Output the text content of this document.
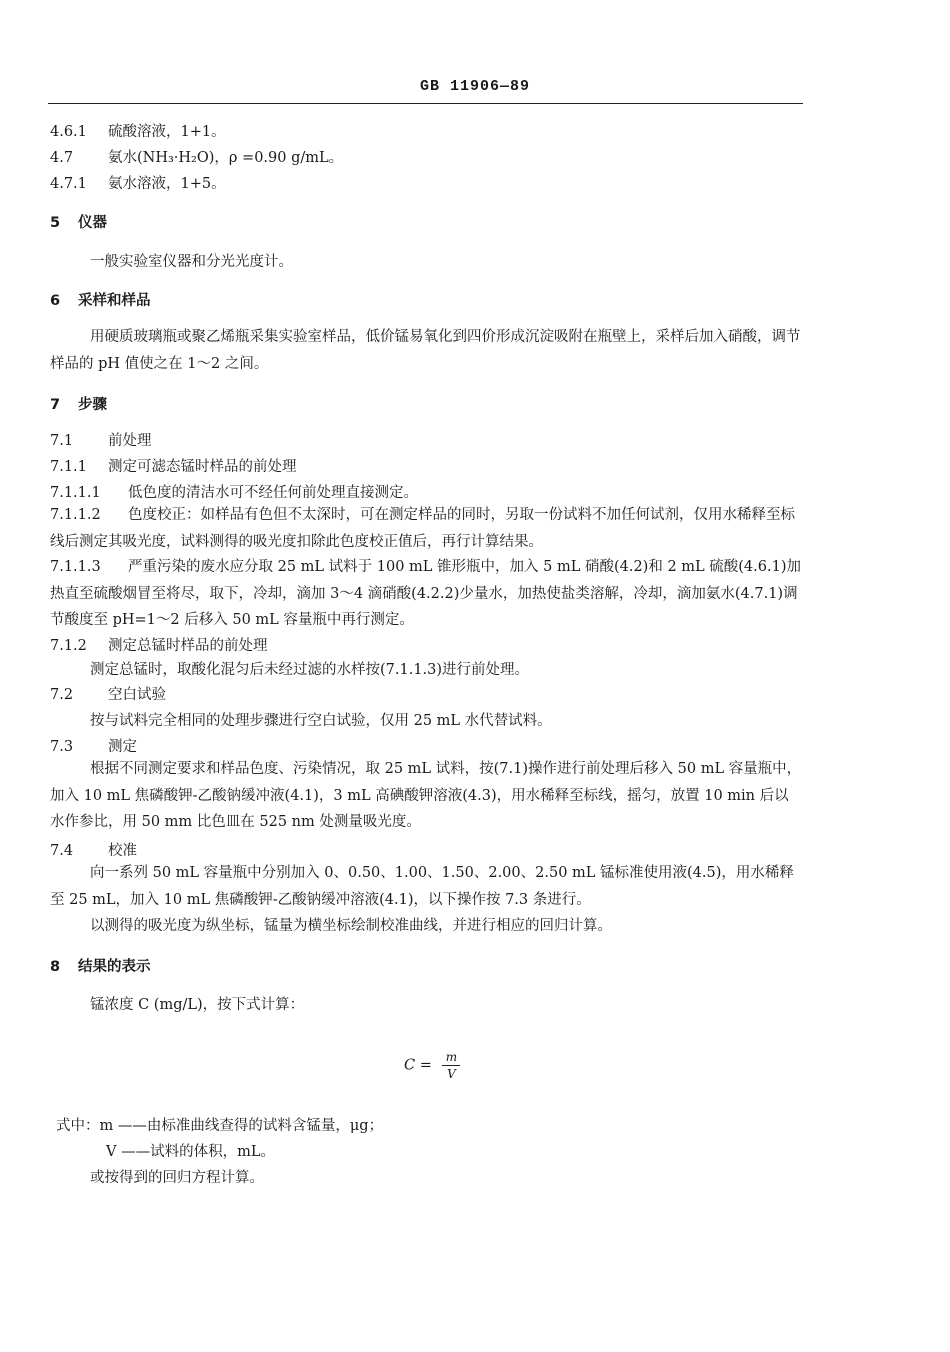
GB 11906—89
4.6.1 硫酸溶液，1+1。
4.7 氨水(NH₃·H₂O)，ρ =0.90 g/mL。
4.7.1 氨水溶液，1+5。
5 仪器
一般实验室仪器和分光光度计。
6 采样和样品
用硬质玻璃瓶或聚乙烯瓶采集实验室样品，低价锰易氧化到四价形成沉淀吸附在瓶壁上，采样后加入硝酸，调节样品的 pH 值使之在 1～2 之间。
7 步骤
7.1 前处理
7.1.1 测定可滤态锰时样品的前处理
7.1.1.1 低色度的清洁水可不经任何前处理直接测定。
7.1.1.2 色度校正：如样品有色但不太深时，可在测定样品的同时，另取一份试料不加任何试剂，仅用水稀释至标线后测定其吸光度，试料测得的吸光度扣除此色度校正值后，再行计算结果。
7.1.1.3 严重污染的废水应分取 25 mL 试料于 100 mL 锥形瓶中，加入 5 mL 硝酸(4.2)和 2 mL 硫酸(4.6.1)加热直至硫酸烟冒至将尽，取下，冷却，滴加 3～4 滴硝酸(4.2.2)少量水，加热使盐类溶解，冷却，滴加氨水(4.7.1)调节酸度至 pH=1～2 后移入 50 mL 容量瓶中再行测定。
7.1.2 测定总锰时样品的前处理
测定总锰时，取酸化混匀后未经过滤的水样按(7.1.1.3)进行前处理。
7.2 空白试验
按与试料完全相同的处理步骤进行空白试验，仅用 25 mL 水代替试料。
7.3 测定
根据不同测定要求和样品色度、污染情况，取 25 mL 试料，按(7.1)操作进行前处理后移入 50 mL 容量瓶中，加入 10 mL 焦磷酸钾-乙酸钠缓冲液(4.1)，3 mL 高碘酸钾溶液(4.3)，用水稀释至标线，摇匀，放置 10 min 后以水作参比，用 50 mm 比色皿在 525 nm 处测量吸光度。
7.4 校准
向一系列 50 mL 容量瓶中分别加入 0、0.50、1.00、1.50、2.00、2.50 mL 锰标准使用液(4.5)，用水稀释至 25 mL，加入 10 mL 焦磷酸钾-乙酸钠缓冲溶液(4.1)，以下操作按 7.3 条进行。
以测得的吸光度为纵坐标，锰量为横坐标绘制校准曲线，并进行相应的回归计算。
8 结果的表示
锰浓度 C (mg/L)，按下式计算：
$C = \frac{m}{V}$
式中：m ——由标准曲线查得的试料含锰量，μg；
V ——试料的体积，mL。
或按得到的回归方程计算。
